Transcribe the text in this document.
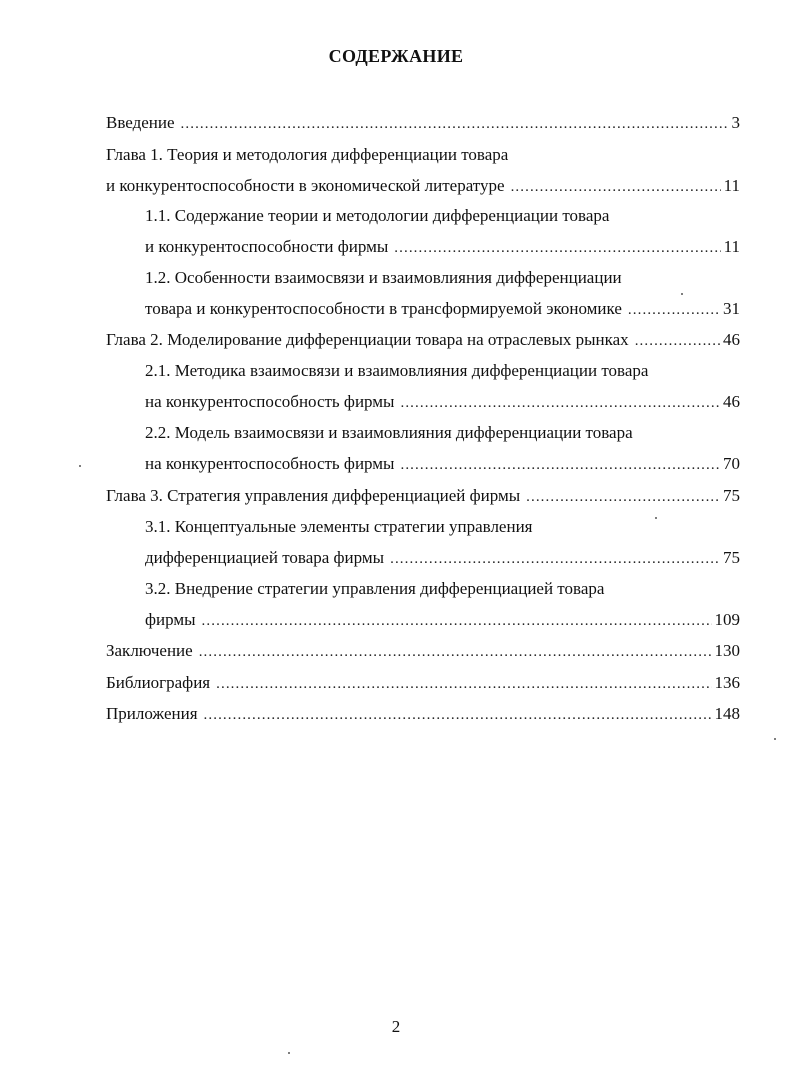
СОДЕРЖАНИЕ
Введение .....	3
Глава 1. Теория и методология дифференциации товара
и конкурентоспособности в экономической литературе .....	11
1.1. Содержание теории и методологии дифференциации товара
и конкурентоспособности фирмы .....	11
1.2. Особенности взаимосвязи и взаимовлияния дифференциации
товара и конкурентоспособности в трансформируемой экономике .....	31
Глава 2. Моделирование дифференциации товара на отраслевых рынках .....	46
2.1. Методика взаимосвязи и взаимовлияния дифференциации товара
на конкурентоспособность фирмы .....	46
2.2. Модель взаимосвязи и взаимовлияния дифференциации товара
на конкурентоспособность фирмы .....	70
Глава 3. Стратегия управления дифференциацией фирмы .....	75
3.1. Концептуальные элементы стратегии управления
дифференциацией товара фирмы .....	75
3.2. Внедрение стратегии управления дифференциацией товара
фирмы .....	109
Заключение .....	130
Библиография .....	136
Приложения .....	148
2
